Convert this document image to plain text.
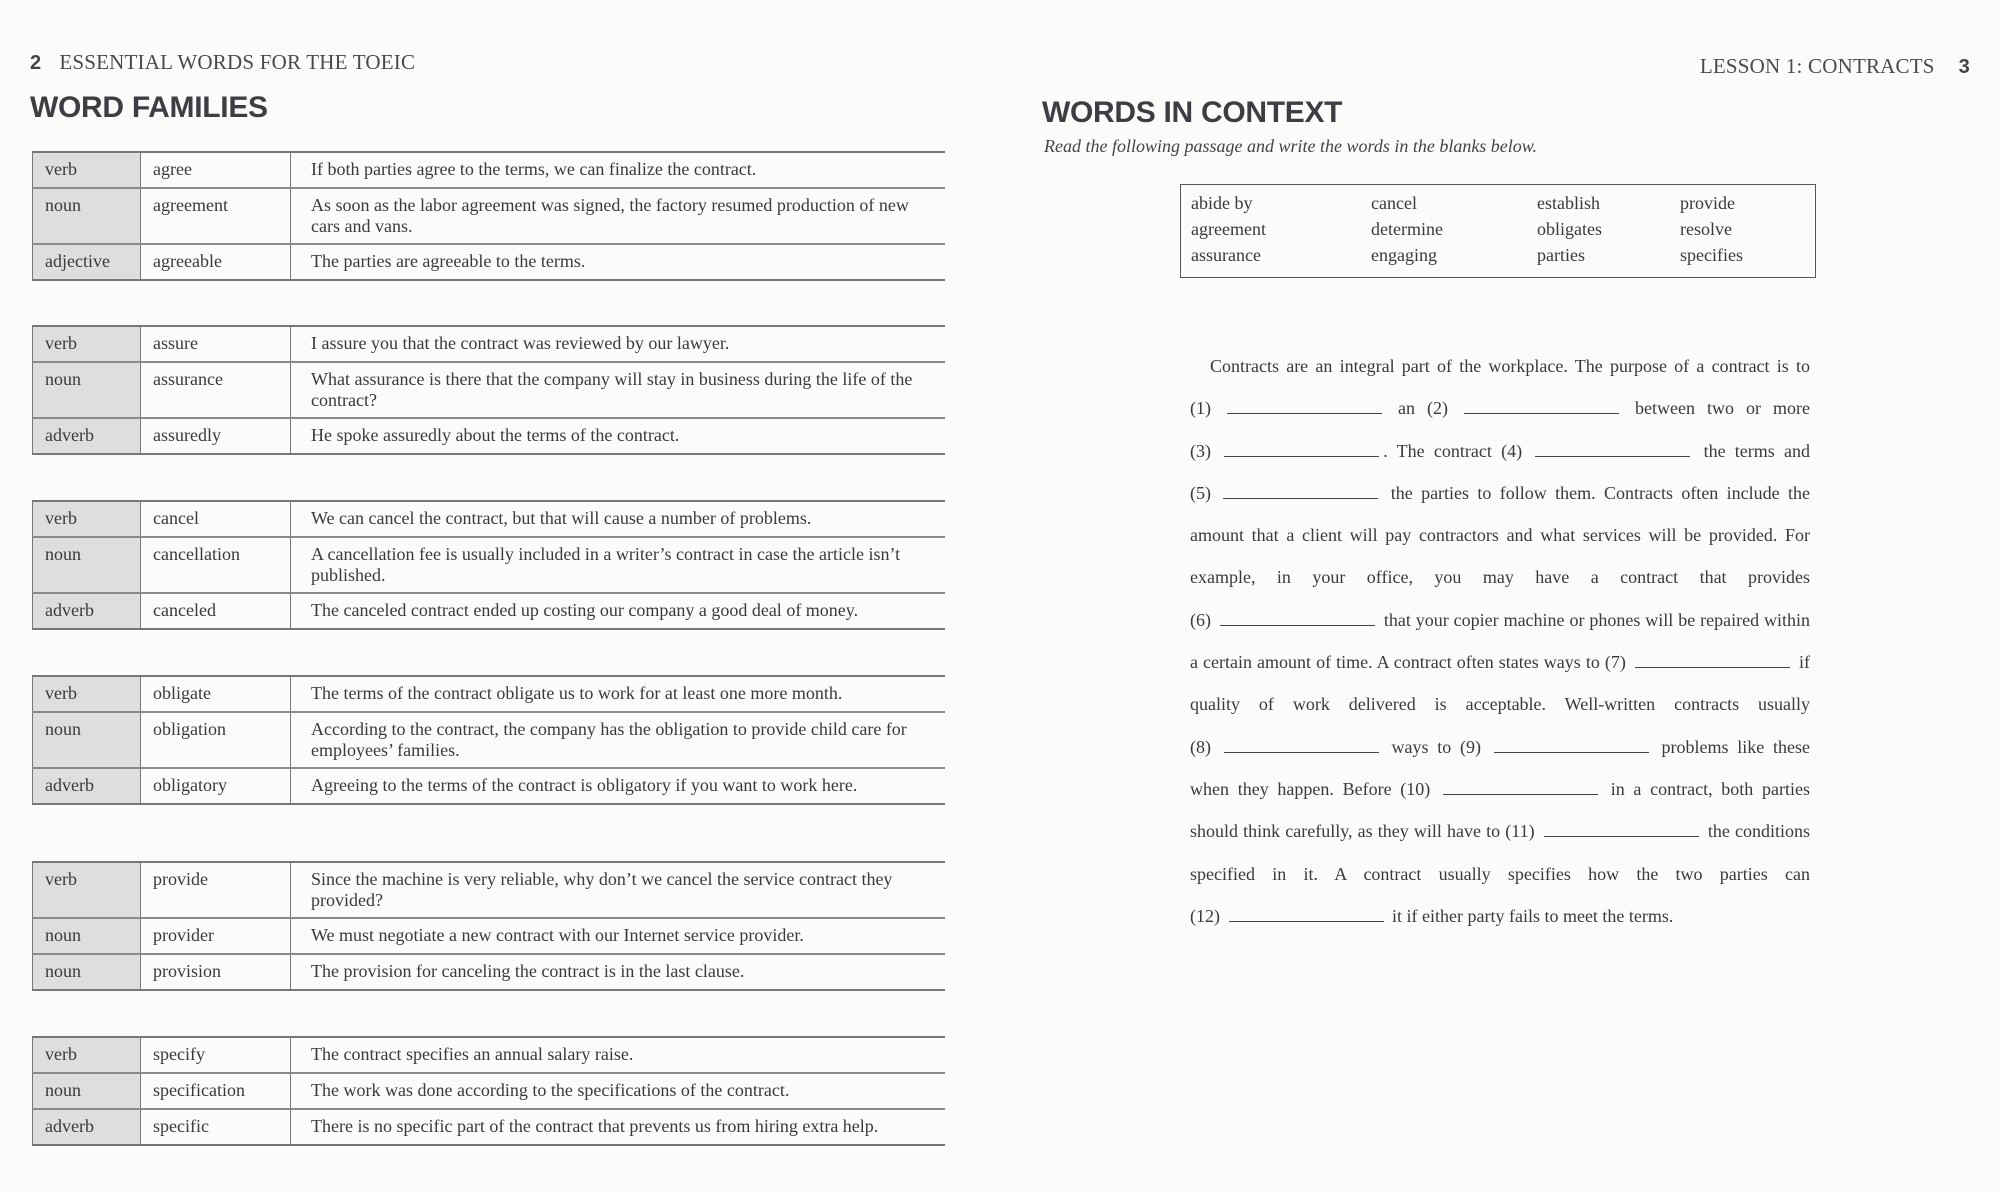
2 ESSENTIAL WORDS FOR THE TOEIC
WORD FAMILIES
verb	agree	If both parties agree to the terms, we can finalize the contract.
noun	agreement	As soon as the labor agreement was signed, the factory resumed production of new cars and vans.
adjective	agreeable	The parties are agreeable to the terms.
verb	assure	I assure you that the contract was reviewed by our lawyer.
noun	assurance	What assurance is there that the company will stay in business during the life of the contract?
adverb	assuredly	He spoke assuredly about the terms of the contract.
verb	cancel	We can cancel the contract, but that will cause a number of problems.
noun	cancellation	A cancellation fee is usually included in a writer’s contract in case the article isn’t published.
adverb	canceled	The canceled contract ended up costing our company a good deal of money.
verb	obligate	The terms of the contract obligate us to work for at least one more month.
noun	obligation	According to the contract, the company has the obligation to provide child care for employees’ families.
adverb	obligatory	Agreeing to the terms of the contract is obligatory if you want to work here.
verb	provide	Since the machine is very reliable, why don’t we cancel the service contract they provided?
noun	provider	We must negotiate a new contract with our Internet service provider.
noun	provision	The provision for canceling the contract is in the last clause.
verb	specify	The contract specifies an annual salary raise.
noun	specification	The work was done according to the specifications of the contract.
adverb	specific	There is no specific part of the contract that prevents us from hiring extra help.
LESSON 1: CONTRACTS 3
WORDS IN CONTEXT
Read the following passage and write the words in the blanks below.
abide by	cancel	establish	provide
agreement	determine	obligates	resolve
assurance	engaging	parties	specifies
Contracts are an integral part of the workplace. The purpose of a contract is to (1)	an (2)	between two or more (3)	. The contract (4)	the terms and (5)	the parties to follow them. Contracts often include the amount that a client will pay contractors and what services will be provided. For example, in your office, you may have a contract that provides (6)	that your copier machine or phones will be repaired within a certain amount of time. A contract often states ways to (7)	if quality of work delivered is acceptable. Well-written contracts usually (8)	ways to (9)	problems like these when they happen. Before (10)	in a contract, both parties should think carefully, as they will have to (11)	the conditions specified in it. A contract usually specifies how the two parties can (12)	it if either party fails to meet the terms.
